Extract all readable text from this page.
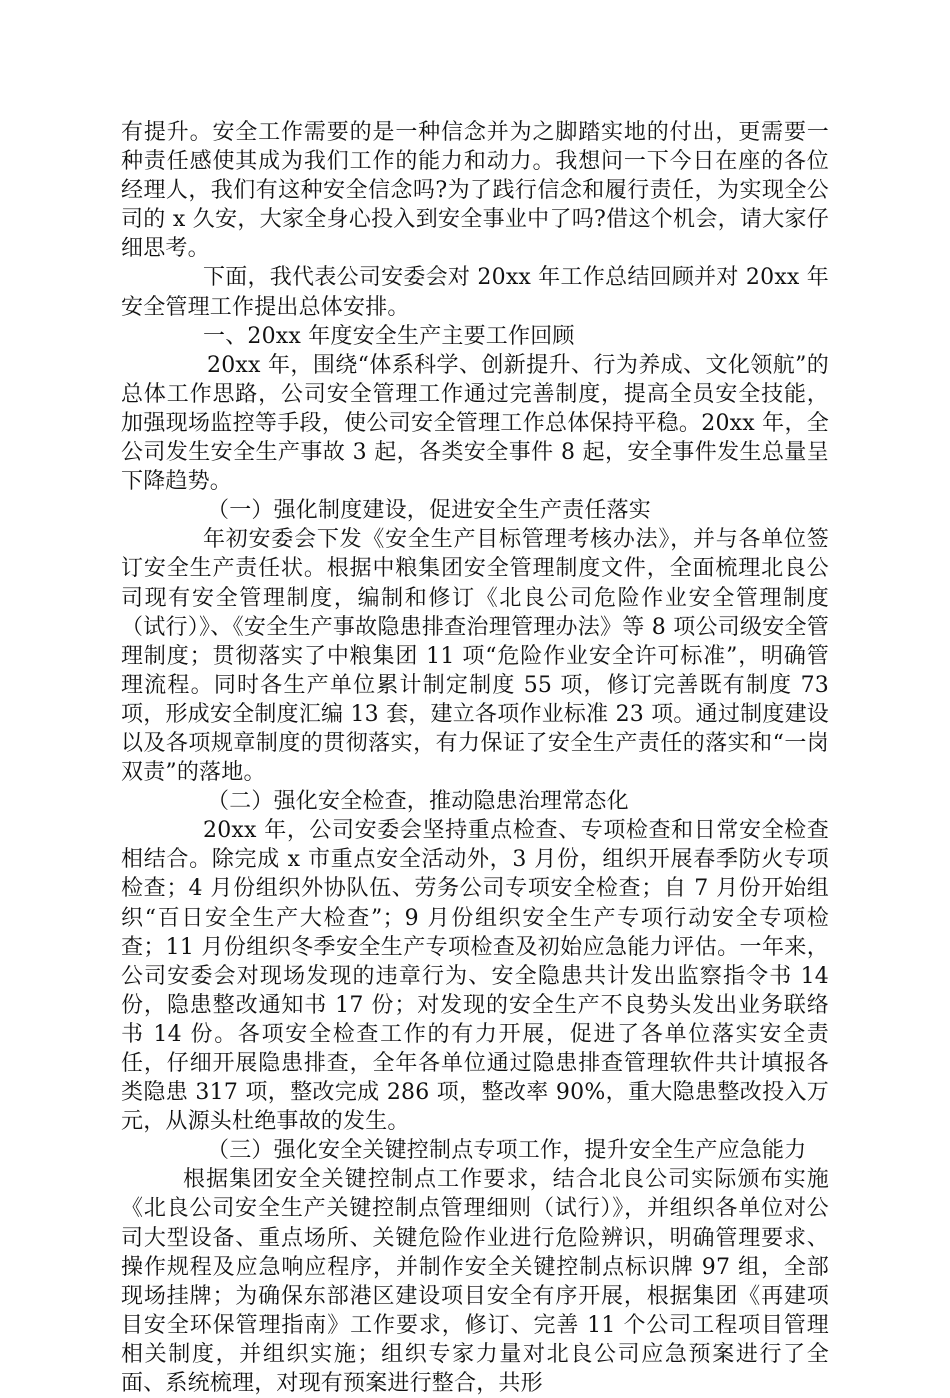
有提升。安全工作需要的是一种信念并为之脚踏实地的付出，更需要一种责任感使其成为我们工作的能力和动力。我想问一下今日在座的各位经理人，我们有这种安全信念吗?为了践行信念和履行责任，为实现全公司的 x 久安，大家全身心投入到安全事业中了吗?借这个机会，请大家仔细思考。

下面，我代表公司安委会对 20xx 年工作总结回顾并对 20xx 年安全管理工作提出总体安排。

一、20xx 年度安全生产主要工作回顾

20xx 年，围绕“体系科学、创新提升、行为养成、文化领航”的总体工作思路，公司安全管理工作通过完善制度，提高全员安全技能，加强现场监控等手段，使公司安全管理工作总体保持平稳。20xx 年，全公司发生安全生产事故 3 起，各类安全事件 8 起，安全事件发生总量呈下降趋势。

（一）强化制度建设，促进安全生产责任落实

年初安委会下发《安全生产目标管理考核办法》，并与各单位签订安全生产责任状。根据中粮集团安全管理制度文件，全面梳理北良公司现有安全管理制度，编制和修订《北良公司危险作业安全管理制度（试行）》、《安全生产事故隐患排查治理管理办法》等 8 项公司级安全管理制度；贯彻落实了中粮集团 11 项“危险作业安全许可标准”，明确管理流程。同时各生产单位累计制定制度 55 项，修订完善既有制度 73 项，形成安全制度汇编 13 套，建立各项作业标准 23 项。通过制度建设以及各项规章制度的贯彻落实，有力保证了安全生产责任的落实和“一岗双责”的落地。

（二）强化安全检查，推动隐患治理常态化

20xx 年，公司安委会坚持重点检查、专项检查和日常安全检查相结合。除完成 x 市重点安全活动外，3 月份，组织开展春季防火专项检查；4 月份组织外协队伍、劳务公司专项安全检查；自 7 月份开始组织“百日安全生产大检查”；9 月份组织安全生产专项行动安全专项检查；11 月份组织冬季安全生产专项检查及初始应急能力评估。一年来，公司安委会对现场发现的违章行为、安全隐患共计发出监察指令书 14 份，隐患整改通知书 17 份；对发现的安全生产不良势头发出业务联络书 14 份。各项安全检查工作的有力开展，促进了各单位落实安全责任，仔细开展隐患排查，全年各单位通过隐患排查管理软件共计填报各类隐患 317 项，整改完成 286 项，整改率 90%，重大隐患整改投入万元，从源头杜绝事故的发生。

（三）强化安全关键控制点专项工作，提升安全生产应急能力

根据集团安全关键控制点工作要求，结合北良公司实际颁布实施《北良公司安全生产关键控制点管理细则（试行）》，并组织各单位对公司大型设备、重点场所、关键危险作业进行危险辨识，明确管理要求、操作规程及应急响应程序，并制作安全关键控制点标识牌 97 组，全部现场挂牌；为确保东部港区建设项目安全有序开展，根据集团《再建项目安全环保管理指南》工作要求，修订、完善 11 个公司工程项目管理相关制度，并组织实施；组织专家力量对北良公司应急预案进行了全面、系统梳理，对现有预案进行整合，共形
